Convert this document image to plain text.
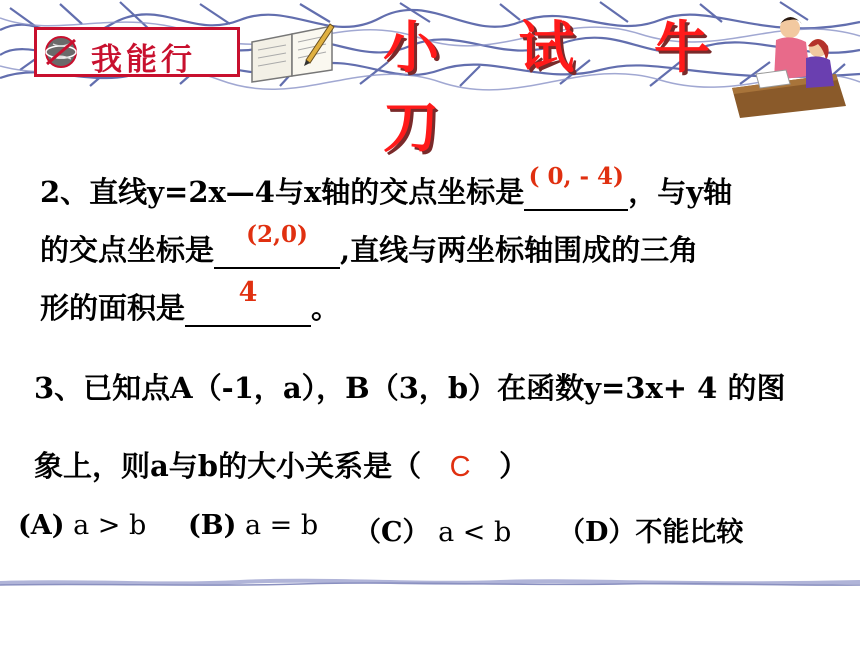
我能行	小 试 牛 刀
2、直线y=2x—4与x轴的交点坐标是 ( 0, - 4) ，与y轴
的交点坐标是	(2,0)	,直线与两坐标轴围成的三角
形的面积是	4	。
3、已知点A（-1，a），B（3，b）在函数y=3x+ 4 的图
象上，则a与b的大小关系是（ C ）
(A) a > b (B) a = b （C） a < b （D）不能比较
